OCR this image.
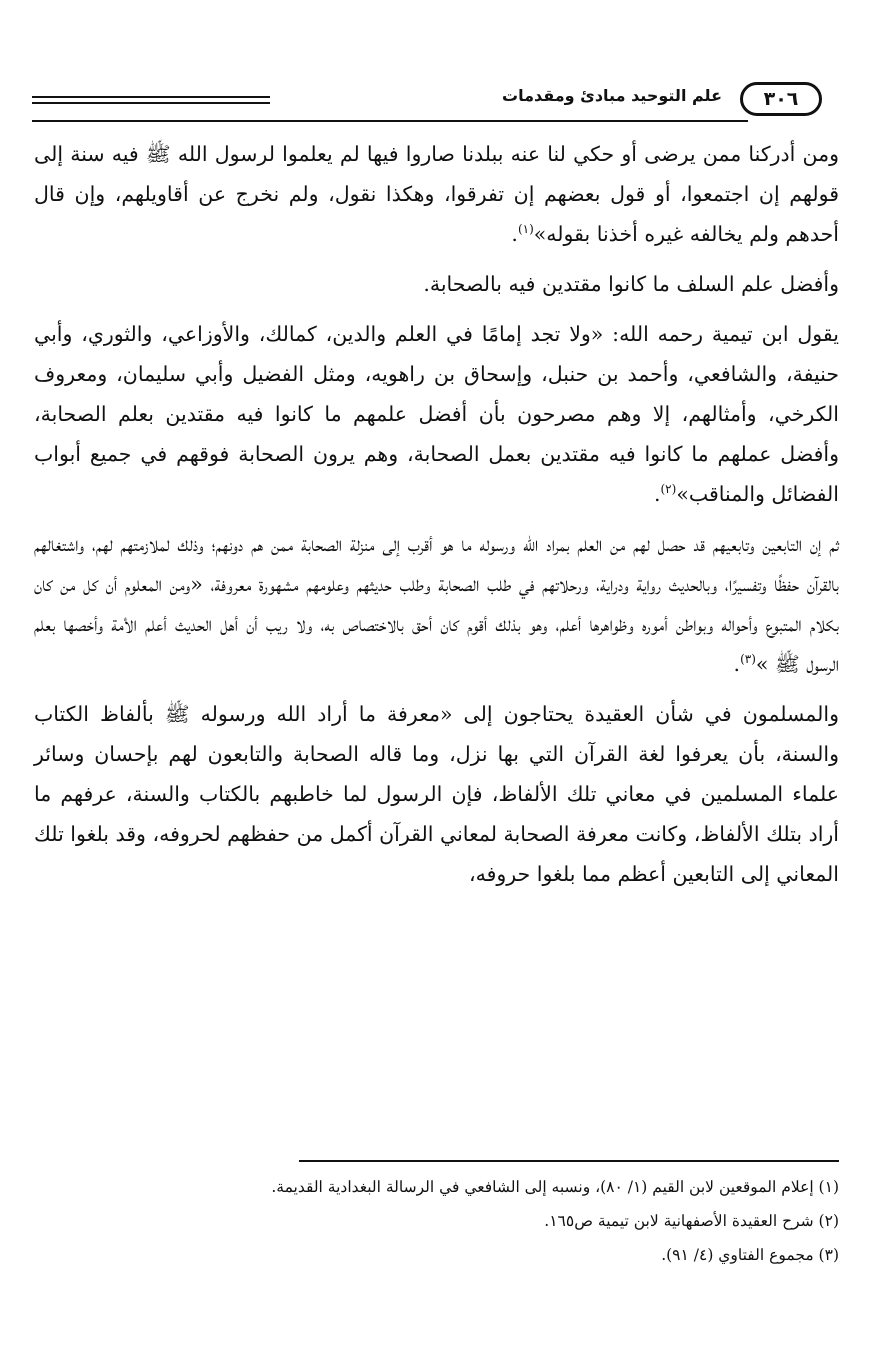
٣٠٦
علم التوحيد مبادئ ومقدمات

ومن أدركنا ممن يرضى أو حكي لنا عنه ببلدنا صاروا فيها لم يعلموا لرسول الله ﷺ فيه سنة إلى قولهم إن اجتمعوا، أو قول بعضهم إن تفرقوا، وهكذا نقول، ولم نخرج عن أقاويلهم، وإن قال أحدهم ولم يخالفه غيره أخذنا بقوله»$^{(١)}$.

وأفضل علم السلف ما كانوا مقتدين فيه بالصحابة.

يقول ابن تيمية رحمه الله: «ولا تجد إمامًا في العلم والدين، كمالك، والأوزاعي، والثوري، وأبي حنيفة، والشافعي، وأحمد بن حنبل، وإسحاق بن راهويه، ومثل الفضيل وأبي سليمان، ومعروف الكرخي، وأمثالهم، إلا وهم مصرحون بأن أفضل علمهم ما كانوا فيه مقتدين بعلم الصحابة، وأفضل عملهم ما كانوا فيه مقتدين بعمل الصحابة، وهم يرون الصحابة فوقهم في جميع أبواب الفضائل والمناقب»$^{(٢)}$.

ثم إن التابعين وتابعيهم قد حصل لهم من العلم بمراد الله ورسوله ما هو أقرب إلى منزلة الصحابة ممن هم دونهم؛ وذلك لملازمتهم لهم، واشتغالهم بالقرآن حفظًا وتفسيرًا، وبالحديث رواية ودراية، ورحلاتهم في طلب الصحابة وطلب حديثهم وعلومهم مشهورة معروفة، «ومن المعلوم أن كل من كان بكلام المتبوع وأحواله وبواطن أموره وظواهرها أعلم، وهو بذلك أقوم كان أحق بالاختصاص به، ولا ريب أن أهل الحديث أعلم الأمة وأخصها بعلم الرسول ﷺ »$^{(٣)}$.

والمسلمون في شأن العقيدة يحتاجون إلى «معرفة ما أراد الله ورسوله ﷺ بألفاظ الكتاب والسنة، بأن يعرفوا لغة القرآن التي بها نزل، وما قاله الصحابة والتابعون لهم بإحسان وسائر علماء المسلمين في معاني تلك الألفاظ، فإن الرسول لما خاطبهم بالكتاب والسنة، عرفهم ما أراد بتلك الألفاظ، وكانت معرفة الصحابة لمعاني القرآن أكمل من حفظهم لحروفه، وقد بلغوا تلك المعاني إلى التابعين أعظم مما بلغوا حروفه،

(١) إعلام الموقعين لابن القيم (١/ ٨٠)، ونسبه إلى الشافعي في الرسالة البغدادية القديمة.

(٢) شرح العقيدة الأصفهانية لابن تيمية ص١٦٥.

(٣) مجموع الفتاوي (٤/ ٩١).
